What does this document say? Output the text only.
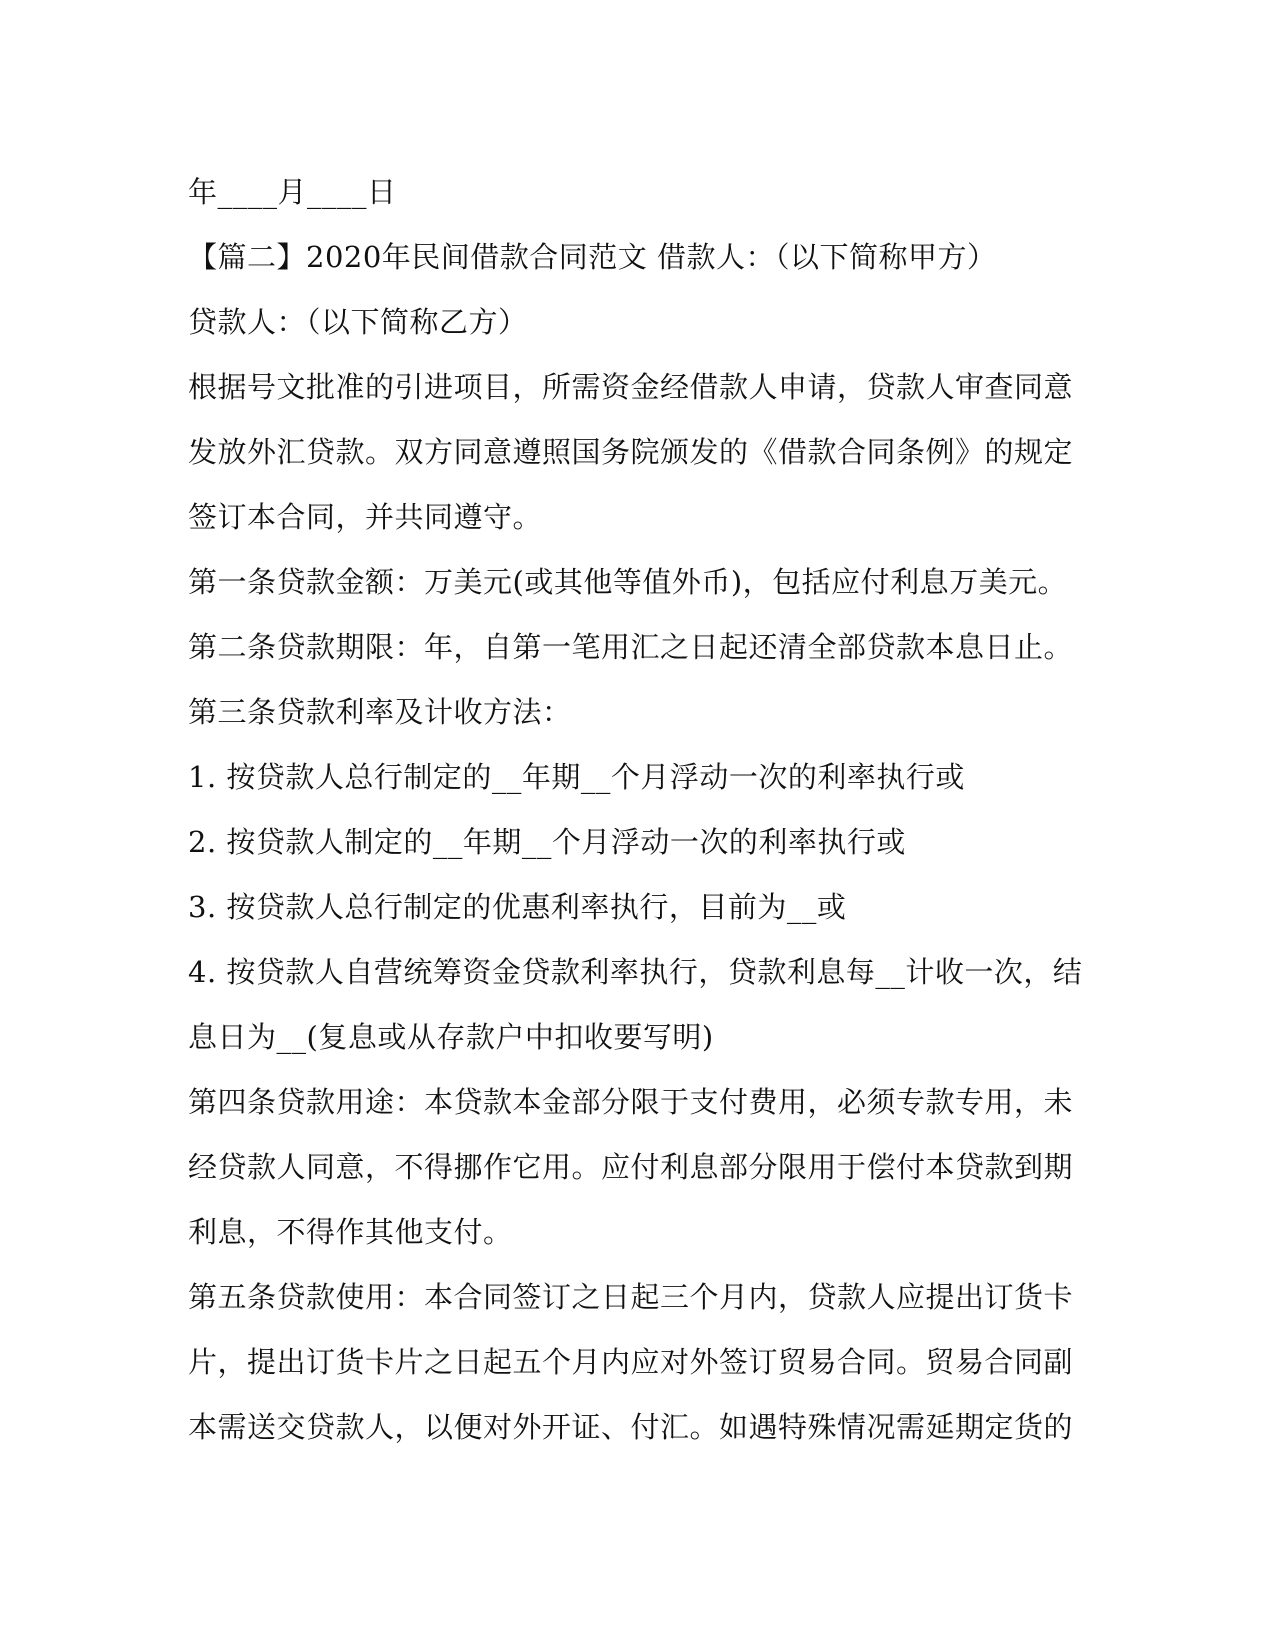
年____月____日
【篇二】2020年民间借款合同范文 借款人：（以下简称甲方）
贷款人：（以下简称乙方）
根据号文批准的引进项目，所需资金经借款人申请，贷款人审查同意
发放外汇贷款。双方同意遵照国务院颁发的《借款合同条例》的规定
签订本合同，并共同遵守。
第一条贷款金额：万美元(或其他等值外币)，包括应付利息万美元。
第二条贷款期限：年，自第一笔用汇之日起还清全部贷款本息日止。
第三条贷款利率及计收方法：
1. 按贷款人总行制定的__年期__个月浮动一次的利率执行或
2. 按贷款人制定的__年期__个月浮动一次的利率执行或
3. 按贷款人总行制定的优惠利率执行，目前为__或
4. 按贷款人自营统筹资金贷款利率执行，贷款利息每__计收一次，结
息日为__(复息或从存款户中扣收要写明)
第四条贷款用途：本贷款本金部分限于支付费用，必须专款专用，未
经贷款人同意，不得挪作它用。应付利息部分限用于偿付本贷款到期
利息，不得作其他支付。
第五条贷款使用：本合同签订之日起三个月内，贷款人应提出订货卡
片，提出订货卡片之日起五个月内应对外签订贸易合同。贸易合同副
本需送交贷款人，以便对外开证、付汇。如遇特殊情况需延期定货的
